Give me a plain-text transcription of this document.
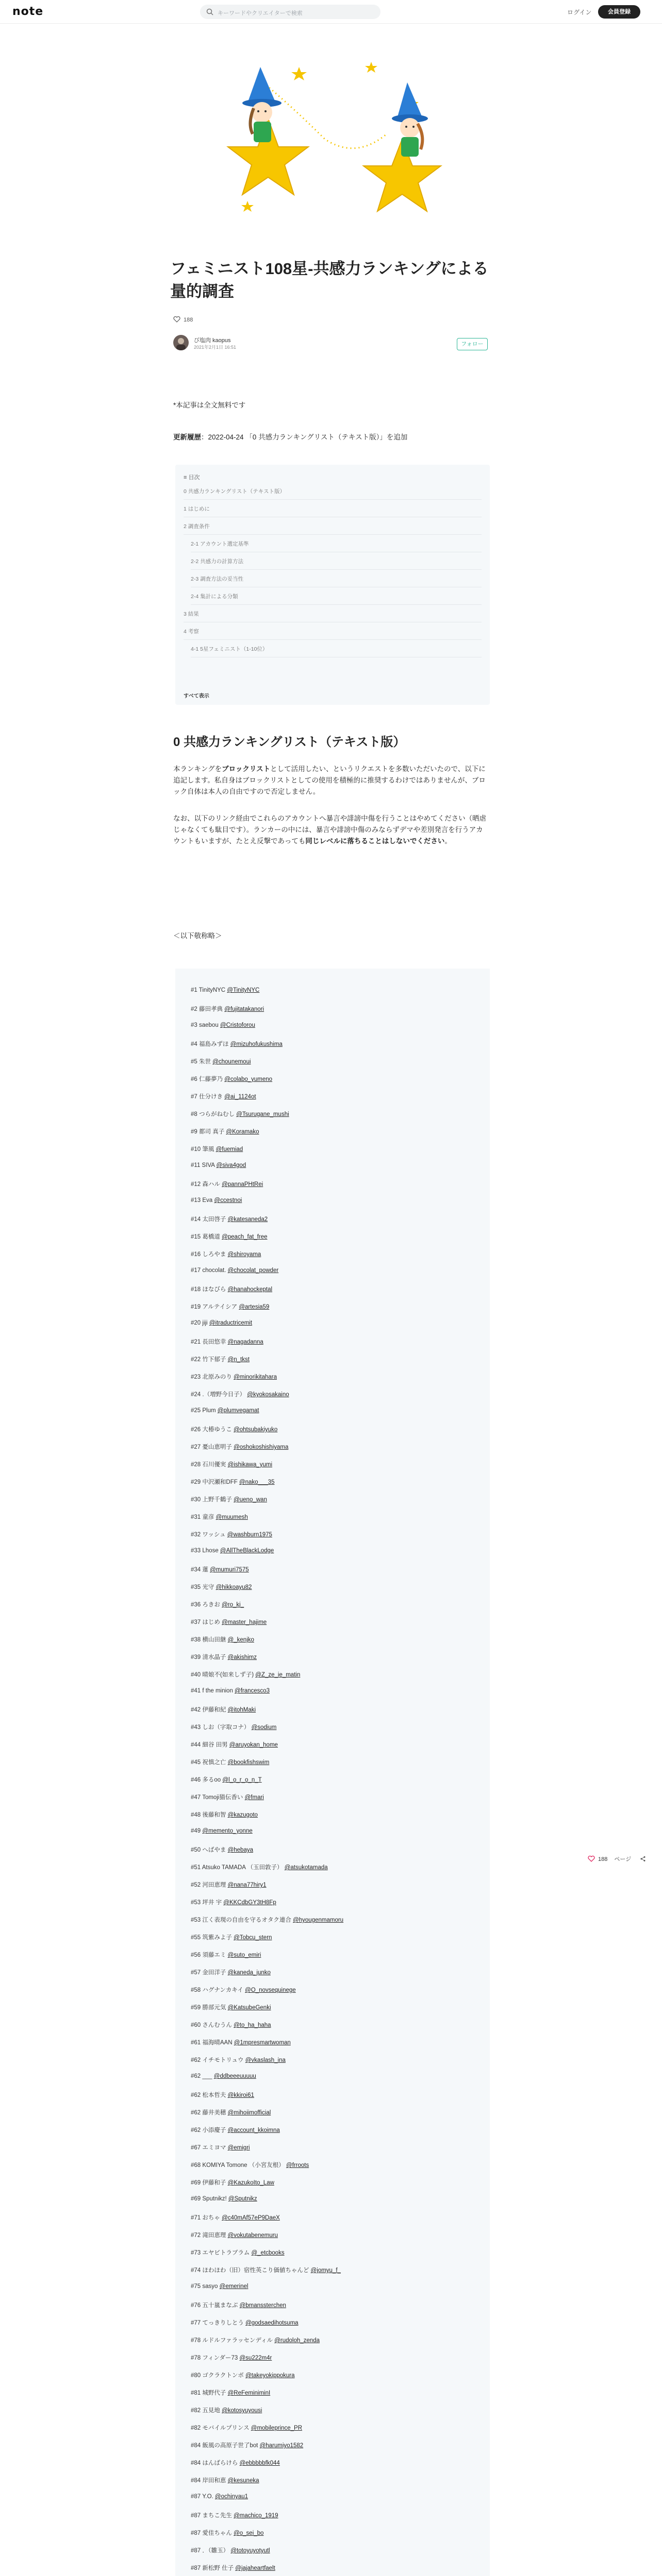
note	キーワードやクリエイターで検索	ログイン	会員登録
フェミニスト108星-共感力ランキングによる量的調査
188
び塩肉 kaopus
2021年2月1日 16:51	フォロー
*本記事は全文無料です
更新履歴：2022-04-24 「0 共感力ランキングリスト（テキスト版）」を追加
≡ 目次
0 共感力ランキングリスト（テキスト版）
1 はじめに
2 調査条件
2-1 アカウント選定基準
2-2 共感力の計算方法
2-3 調査方法の妥当性
2-4 集計による分類
3 結果
4 考察
4-1 5星フェミニスト（1-10位）
すべて表示
0 共感力ランキングリスト（テキスト版）
本ランキングをブロックリストとして活用したい、というリクエストを多数いただいたので、以下に追記します。私自身はブロックリストとしての使用を積極的に推奨するわけではありませんが、ブロック自体は本人の自由ですので否定しません。
なお、以下のリンク経由でこれらのアカウントへ暴言や誹謗中傷を行うことはやめてください（晒虐じゃなくても駄目です）。ランカーの中には、暴言や誹謗中傷のみならずデマや差別発言を行うアカウントもいますが、たとえ反撃であっても同じレベルに落ちることはしないでください。
＜以下敬称略＞
#1 TinityNYC @TinityNYC
#2 藤田孝典 @fujitatakanori
#3 saebou @Cristoforou
#4 福島みずほ @mizuhofukushima
#5 朱世 @chounemoui
#6 仁藤夢乃 @colabo_yumeno
#7 仕分けき @ai_1124ot
#8 つらがねむし @Tsurugane_mushi
#9 都司 真子 @Koramako
#10 筆風 @fuemiad
#11 SIVA @siva4god
#12 森ハル @pannaPHtRei
#13 Eva @ccestnoi
#14 太田啓子 @katesaneda2
#15 葛橋道 @peach_fat_free
#16 しろやま @shiroyama
#17 chocolat. @chocolat_powder
#18 ほなびら @hanahockeptal
#19 アルテイシア @artesia59
#20 jiji @itraductricemit
#21 長田悠幸 @nagadanna
#22 竹下郁子 @n_tkst
#23 北原みのり @minorikitahara
#24 .（増野今日子） @kyokosakaino
#25 Plum @plumvegamat
#26 大椿ゆうこ @ohtsubakiyuko
#27 憂山恵明子 @oshokoshishiyama
#28 石川優実 @ishikawa_yumi
#29 中沢瀬和DFF @nako___35
#30 上野千鶴子 @ueno_wan
#31 童彦 @muumesh
#32 ワッシュ @washburn1975
#33 Lhose @AllTheBlackLodge
#34 蓮 @mumuri7575
#35 光守 @hikkoayu82
#36 ろきお @ro_ki_
#37 はじめ @master_hajime
#38 横山田継 @_kenjko
#39 清水晶子 @akishimz
#40 晴娘不(如来しず子) @Z_ze_ie_matin
#41 f the minion @francesco3
#42 伊藤和紀 @itohMaki
#43 しお（字取コナ） @sodium
#44 細谷 田男 @aruyokan_home
#45 祝慎之亡 @bookfishswim
#46 多るoo @l_o_r_o_n_T
#47 Tomoji猫伝香い @fmari
#48 後藤和智 @kazugoto
#49 @memento_yonne
#50 へばやま @hebaya
#51 Atsuko TAMADA （玉田敦子） @atsukotamada
#52 河田恵理 @nana77hiry1
#53 坪井 宇 @KKCdbGY3tH8Fp
#53 江く表現の自由を守るオタク連合 @hyougenmamoru
#55 筑紫みよ子 @Tobcu_stern
#56 須藤エミ @suto_emiri
#57 金田洋子 @kaneda_junko
#58 ハグナンカキイ @O_novsequinege
#59 勝部元気 @KatsubeGenki
#60 さんむうん @to_ha_haha
#61 福海晴AAN @1mpresmartwoman
#62 イチモトリュウ @vkaslash_ina
#62 ___ @ddbeeeuuuuu
#62 松本哲夫 @kkiroi61
#62 藤井美穂 @mihoiimofficial
#62 小添慶子 @account_kkoimna
#67 エミヨマ @emigri
#68 KOMIYA Tomone （小宮友根） @frroots
#69 伊藤和子 @KazukoIto_Law
#69 Sputnikz! @Sputnikz
#71 おちゃ @c40mAf57eP9DaeX
#72 滝田恵理 @vokutabenemuru
#73 エヤビトラブラム @_etcbooks
#74 ほわほわ（旧）宿性英こり価値ちゃんど @jomyu_f_
#75 sasyo @emerinel
#76 五十嵐まなぶ @bmanssterchen
#77 てっきりしとう @godsaedihotsuma
#78 ルドルファラッセンディル @rudoloh_zenda
#78 フィンダー73 @su222m4r
#80 ゴクラクトンボ @takeyokippokura
#81 城野代子 @ReFeminiminI
#82 五見地 @kotosyuyousi
#82 モバイルプリンス @mobileprince_PR
#84 飯風の高原子世了bot @harumiyo1582
#84 はんばらけら @ebbbbbfk044
#84 岸田和恵 @kesuneka
#87 Y.O. @ochinyau1
#87 まちこ先生 @machico_1919
#87 愛佳ちゃん @o_sei_bo
#87 ．（雛玉） @totoyuyotyutl
#87 新松野 仕子 @jajaheartfaelt
188 ページ
